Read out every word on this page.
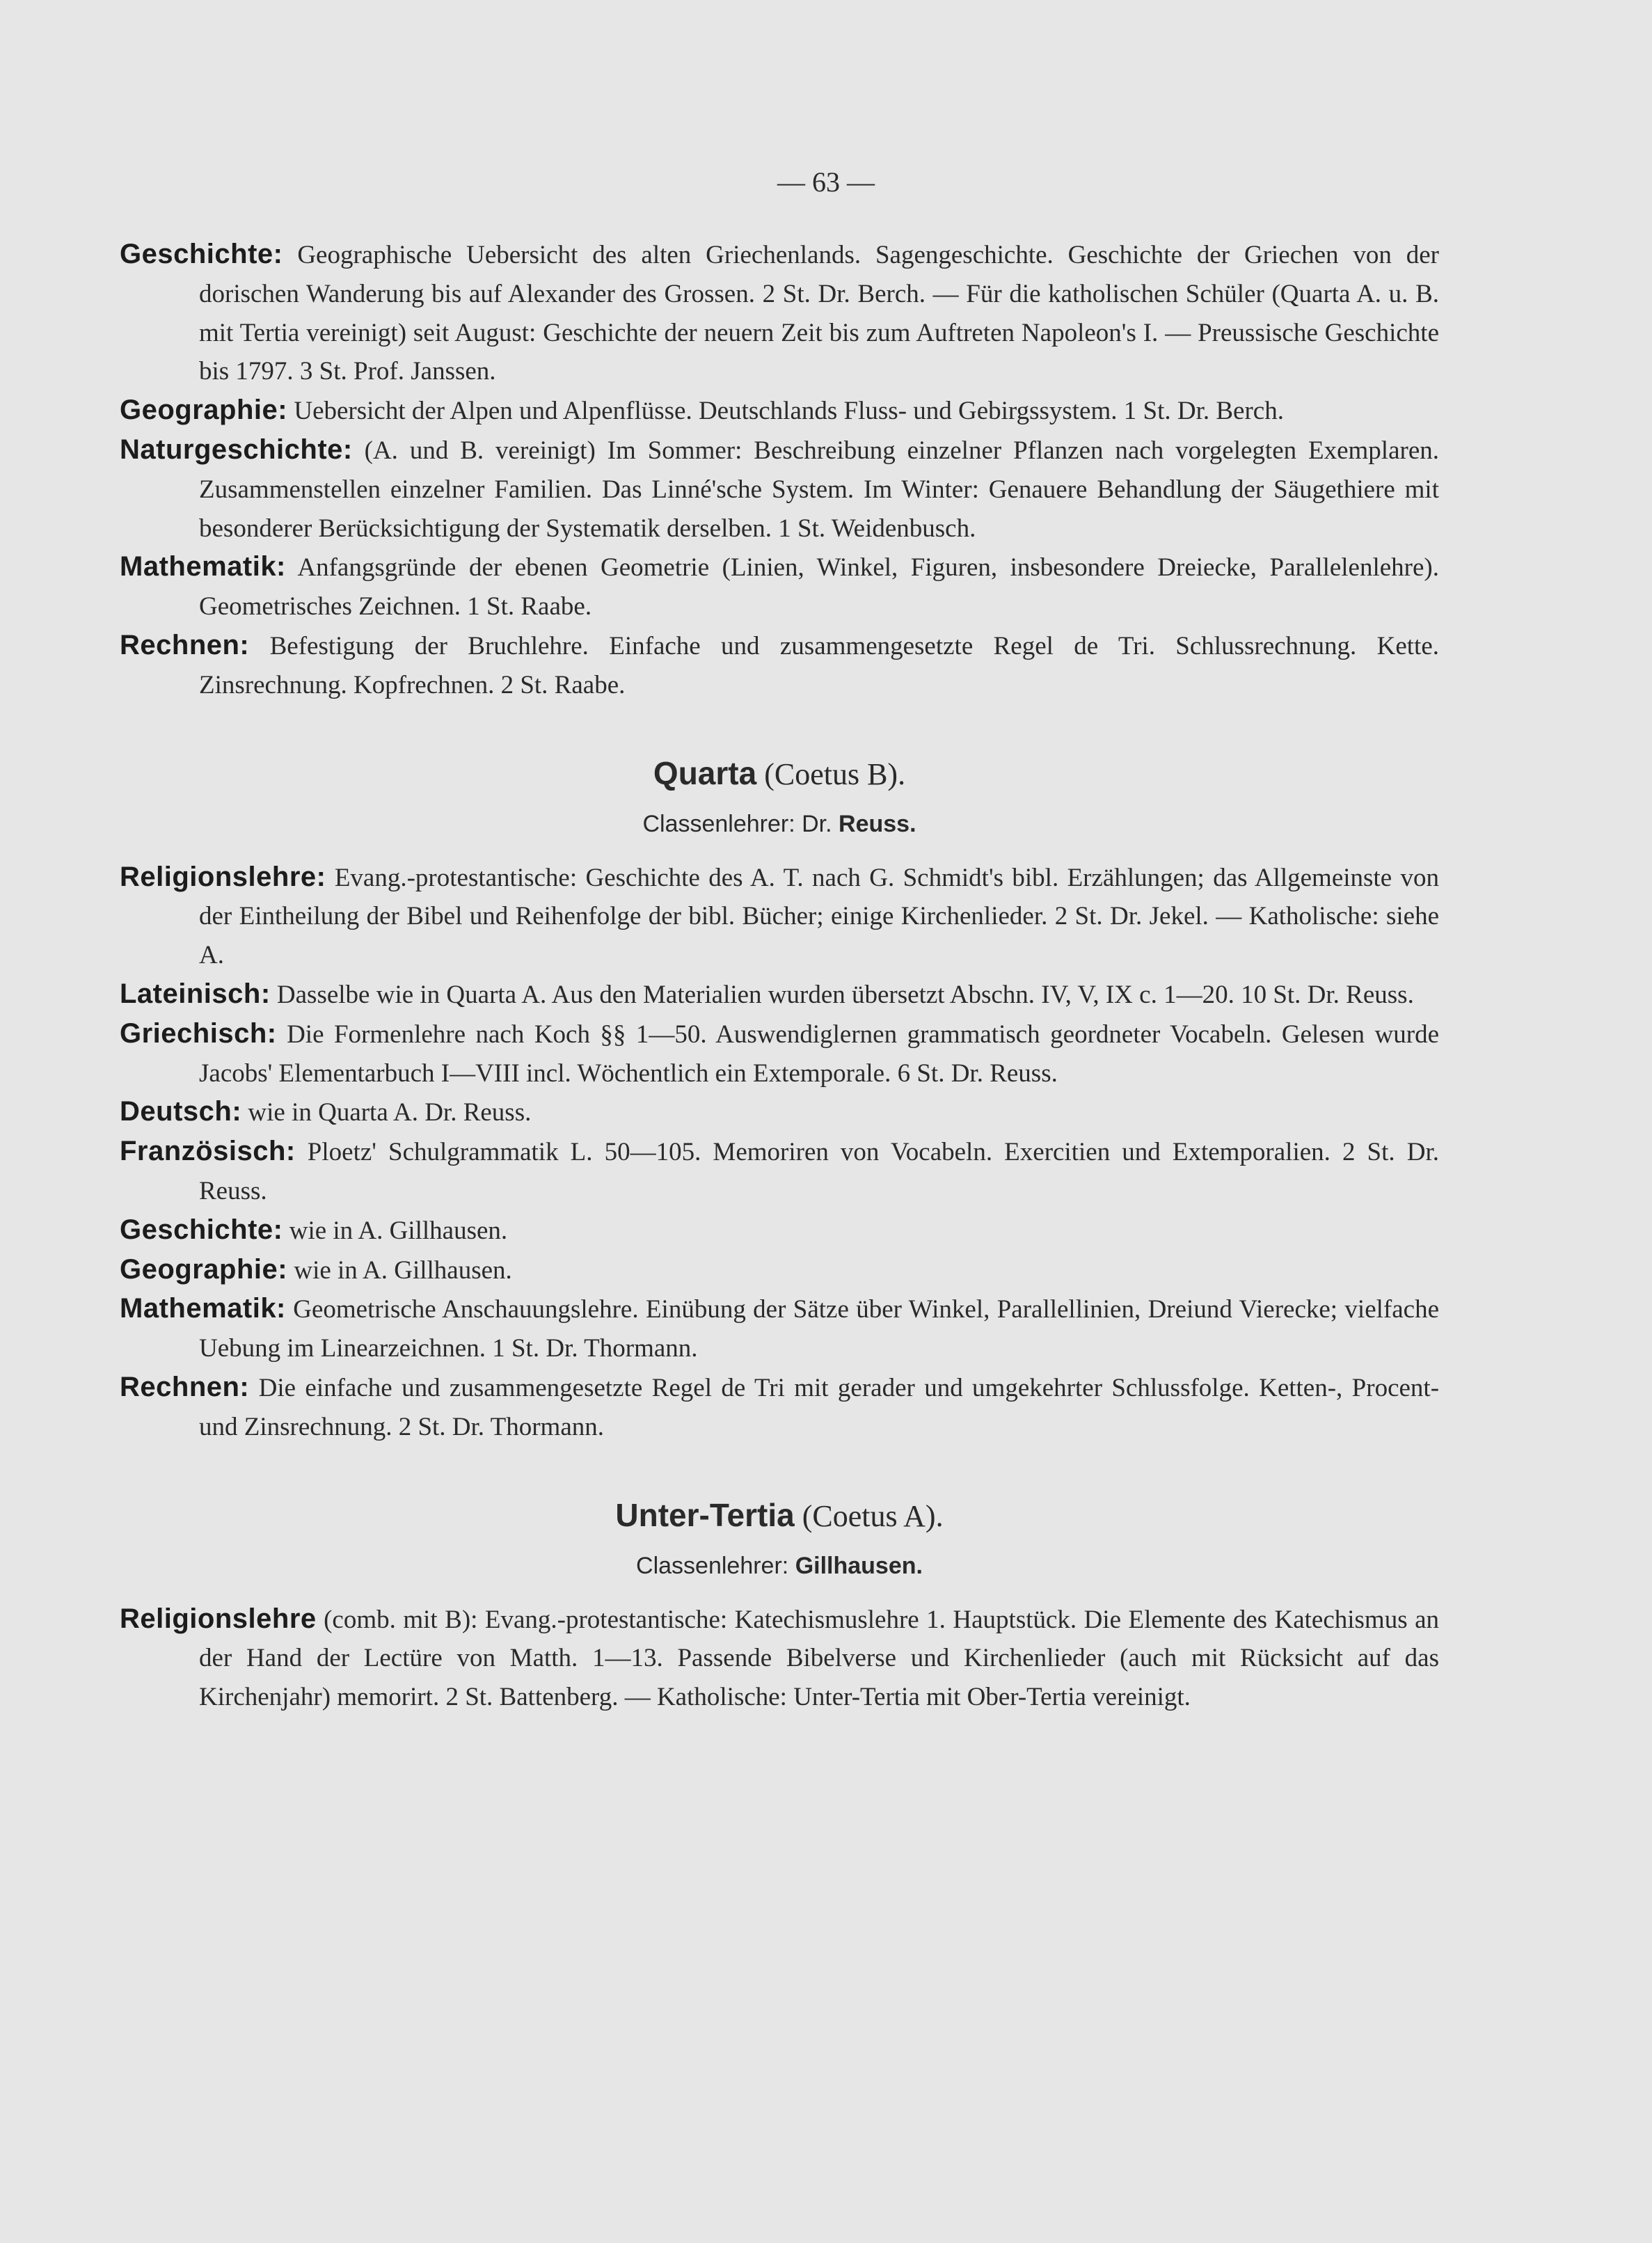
— 63 —

Geschichte: Geographische Uebersicht des alten Griechenlands. Sagengeschichte. Geschichte der Griechen von der dorischen Wanderung bis auf Alexander des Grossen. 2 St. Dr. Berch. — Für die katholischen Schüler (Quarta A. u. B. mit Tertia vereinigt) seit August: Geschichte der neuern Zeit bis zum Auftreten Napoleon's I. — Preussische Geschichte bis 1797. 3 St. Prof. Janssen.

Geographie: Uebersicht der Alpen und Alpenflüsse. Deutschlands Fluss- und Gebirgssystem. 1 St. Dr. Berch.

Naturgeschichte: (A. und B. vereinigt) Im Sommer: Beschreibung einzelner Pflanzen nach vorgelegten Exemplaren. Zusammenstellen einzelner Familien. Das Linné'sche System. Im Winter: Genauere Behandlung der Säugethiere mit besonderer Berücksichtigung der Systematik derselben. 1 St. Weidenbusch.

Mathematik: Anfangsgründe der ebenen Geometrie (Linien, Winkel, Figuren, insbesondere Dreiecke, Parallelenlehre). Geometrisches Zeichnen. 1 St. Raabe.

Rechnen: Befestigung der Bruchlehre. Einfache und zusammengesetzte Regel de Tri. Schlussrechnung. Kette. Zinsrechnung. Kopfrechnen. 2 St. Raabe.

Quarta (Coetus B).
Classenlehrer: Dr. Reuss.

Religionslehre: Evang.-protestantische: Geschichte des A. T. nach G. Schmidt's bibl. Erzählungen; das Allgemeinste von der Eintheilung der Bibel und Reihenfolge der bibl. Bücher; einige Kirchenlieder. 2 St. Dr. Jekel. — Katholische: siehe A.

Lateinisch: Dasselbe wie in Quarta A. Aus den Materialien wurden übersetzt Abschn. IV, V, IX c. 1—20. 10 St. Dr. Reuss.

Griechisch: Die Formenlehre nach Koch §§ 1—50. Auswendiglernen grammatisch geordneter Vocabeln. Gelesen wurde Jacobs' Elementarbuch I—VIII incl. Wöchentlich ein Extemporale. 6 St. Dr. Reuss.

Deutsch: wie in Quarta A. Dr. Reuss.

Französisch: Ploetz' Schulgrammatik L. 50—105. Memoriren von Vocabeln. Exercitien und Extemporalien. 2 St. Dr. Reuss.

Geschichte: wie in A. Gillhausen.

Geographie: wie in A. Gillhausen.

Mathematik: Geometrische Anschauungslehre. Einübung der Sätze über Winkel, Parallellinien, Dreiund Vierecke; vielfache Uebung im Linearzeichnen. 1 St. Dr. Thormann.

Rechnen: Die einfache und zusammengesetzte Regel de Tri mit gerader und umgekehrter Schlussfolge. Ketten-, Procent- und Zinsrechnung. 2 St. Dr. Thormann.

Unter-Tertia (Coetus A).
Classenlehrer: Gillhausen.

Religionslehre (comb. mit B): Evang.-protestantische: Katechismuslehre 1. Hauptstück. Die Elemente des Katechismus an der Hand der Lectüre von Matth. 1—13. Passende Bibelverse und Kirchenlieder (auch mit Rücksicht auf das Kirchenjahr) memorirt. 2 St. Battenberg. — Katholische: Unter-Tertia mit Ober-Tertia vereinigt.
